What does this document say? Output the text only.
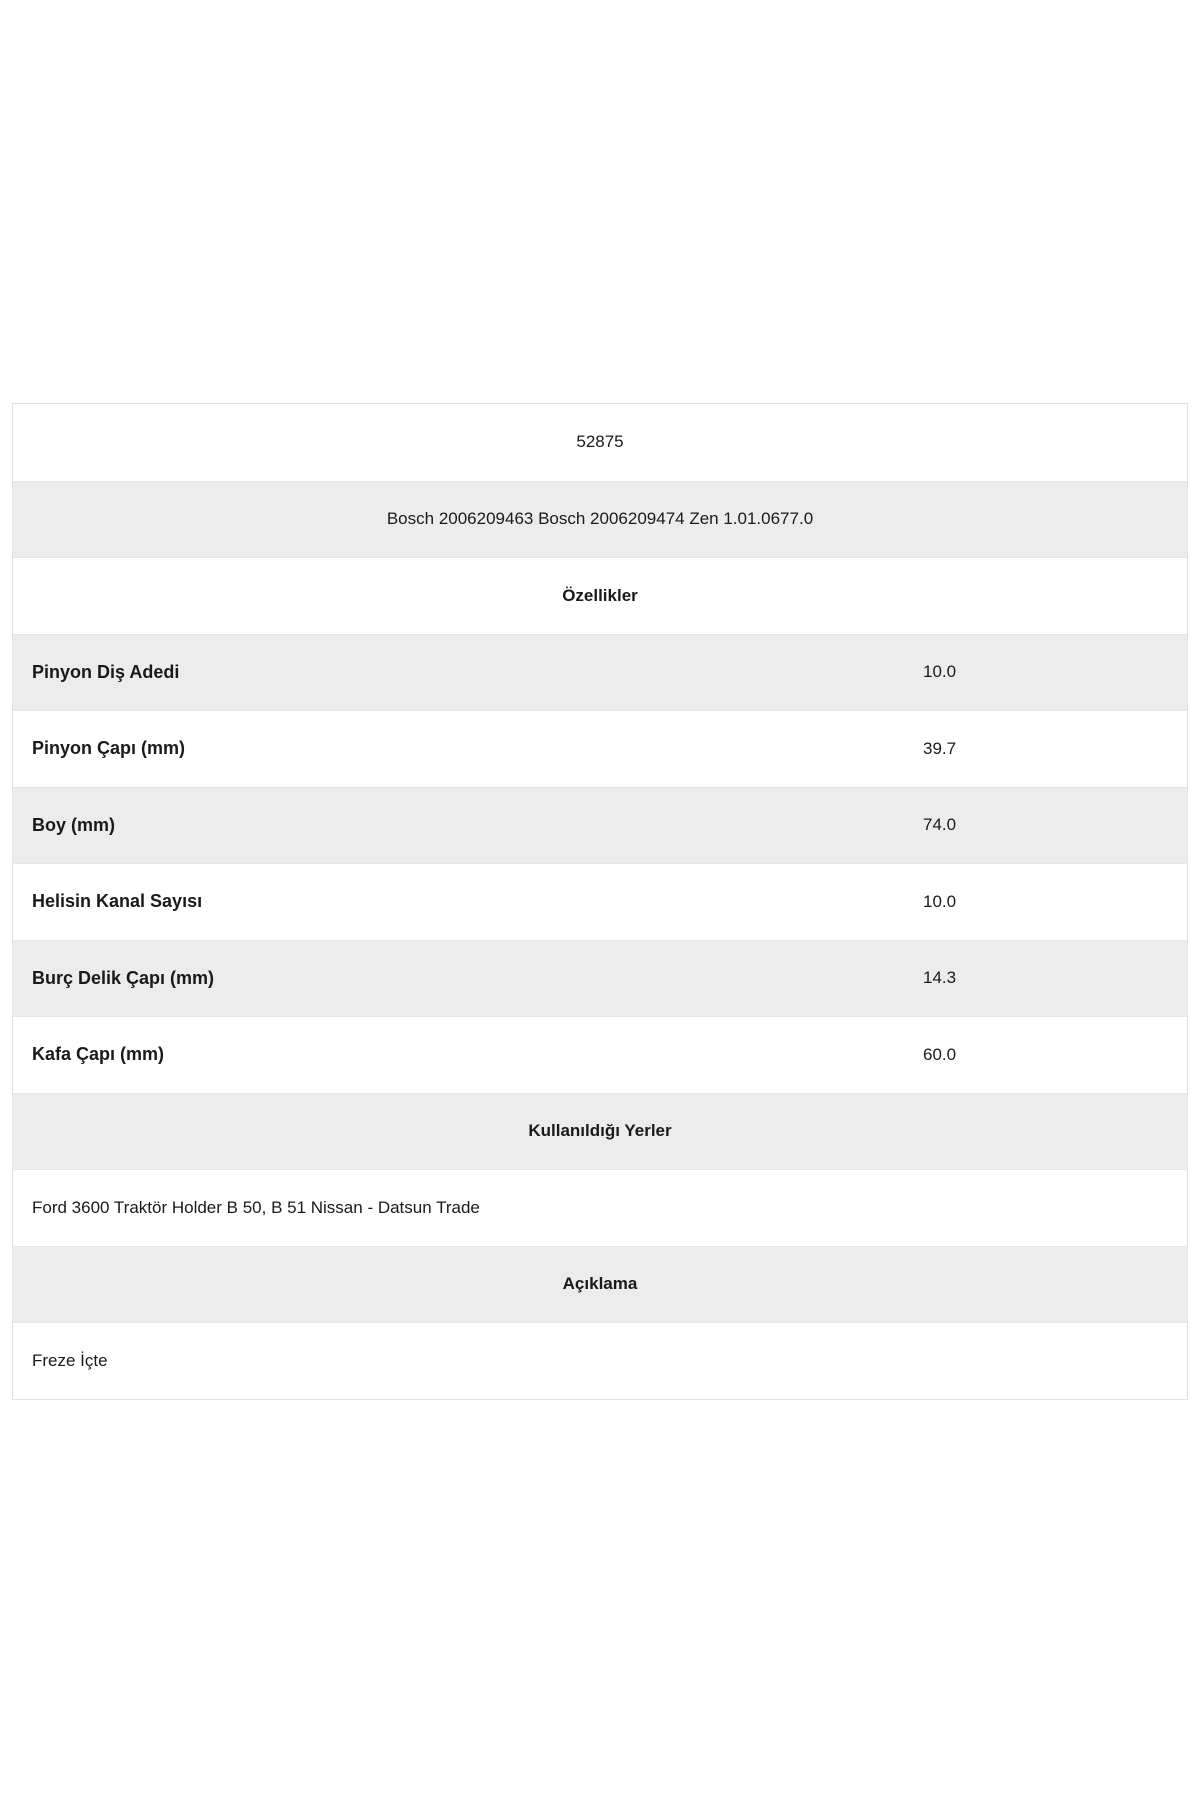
52875
Bosch 2006209463 Bosch 2006209474 Zen 1.01.0677.0
Özellikler
Pinyon Diş Adedi	10.0
Pinyon Çapı (mm)	39.7
Boy (mm)	74.0
Helisin Kanal Sayısı	10.0
Burç Delik Çapı (mm)	14.3
Kafa Çapı (mm)	60.0
Kullanıldığı Yerler
Ford 3600 Traktör Holder B 50, B 51 Nissan - Datsun Trade
Açıklama
Freze İçte
